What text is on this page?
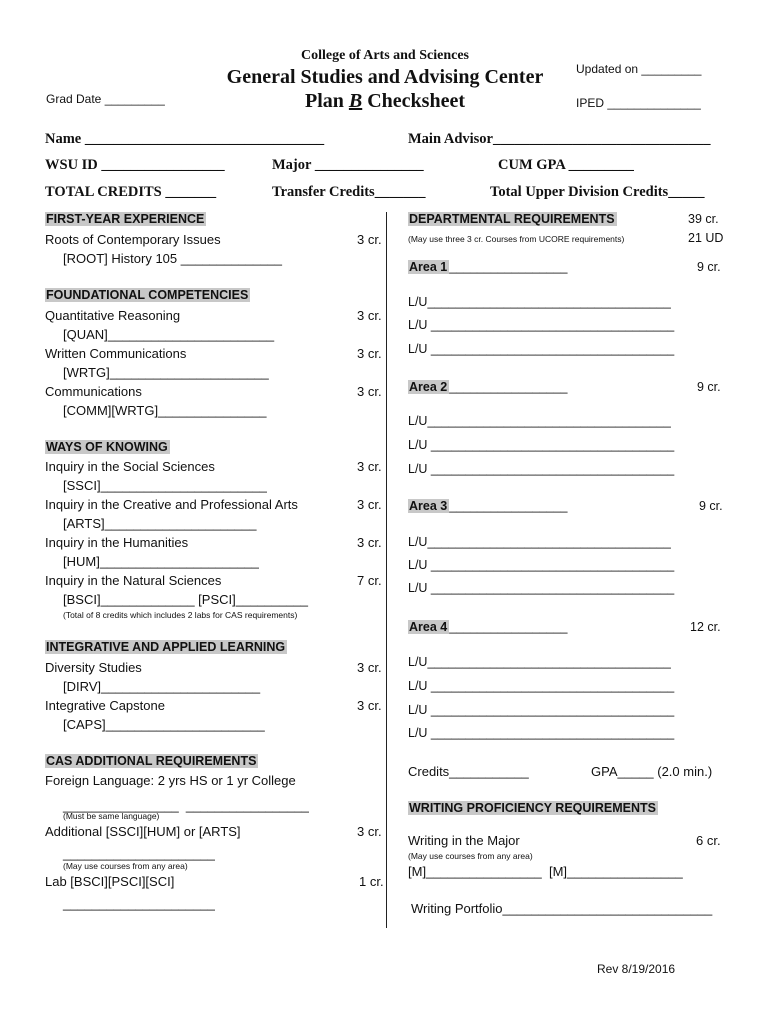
College of Arts and Sciences
General Studies and Advising Center
Plan B Checksheet
Grad Date _________
Updated on _________
IPED ______________
Name _________________________________	Main Advisor______________________________
WSU ID _________________	Major _______________	CUM GPA _________
TOTAL CREDITS _______	Transfer Credits_______	Total Upper Division Credits_____
FIRST-YEAR EXPERIENCE
Roots of Contemporary Issues	3 cr.
[ROOT] History 105 ______________
FOUNDATIONAL COMPETENCIES
Quantitative Reasoning	3 cr.
[QUAN]_______________________
Written Communications	3 cr.
[WRTG]______________________
Communications	3 cr.
[COMM][WRTG]_______________
WAYS OF KNOWING
Inquiry in the Social Sciences	3 cr.
[SSCI]_______________________
Inquiry in the Creative and Professional Arts	3 cr.
[ARTS]_____________________
Inquiry in the Humanities	3 cr.
[HUM]______________________
Inquiry in the Natural Sciences	7 cr.
[BSCI]_____________ [PSCI]__________
(Total of 8 credits which includes 2 labs for CAS requirements)
INTEGRATIVE AND APPLIED LEARNING
Diversity Studies	3 cr.
[DIRV]______________________
Integrative Capstone	3 cr.
[CAPS]______________________
CAS ADDITIONAL REQUIREMENTS
Foreign Language: 2 yrs HS or 1 yr College
________________  _________________
(Must be same language)
Additional [SSCI][HUM] or [ARTS]	3 cr.
_____________________
(May use courses from any area)
Lab [BSCI][PSCI][SCI]	1 cr.
_____________________
DEPARTMENTAL REQUIREMENTS	39 cr.
21 UD
(May use three 3 cr. Courses from UCORE requirements)
Area 1 _________________	9 cr.
L/U___________________________________
L/U ___________________________________
L/U ___________________________________
Area 2 _________________	9 cr.
L/U___________________________________
L/U ___________________________________
L/U ___________________________________
Area 3 _________________	9 cr.
L/U___________________________________
L/U ___________________________________
L/U ___________________________________
Area 4 _________________	12 cr.
L/U___________________________________
L/U ___________________________________
L/U ___________________________________
L/U ___________________________________
Credits___________	GPA_____ (2.0 min.)
WRITING PROFICIENCY REQUIREMENTS
Writing in the Major	6 cr.
(May use courses from any area)
[M]________________  [M]________________
Writing Portfolio_____________________________
Rev 8/19/2016
